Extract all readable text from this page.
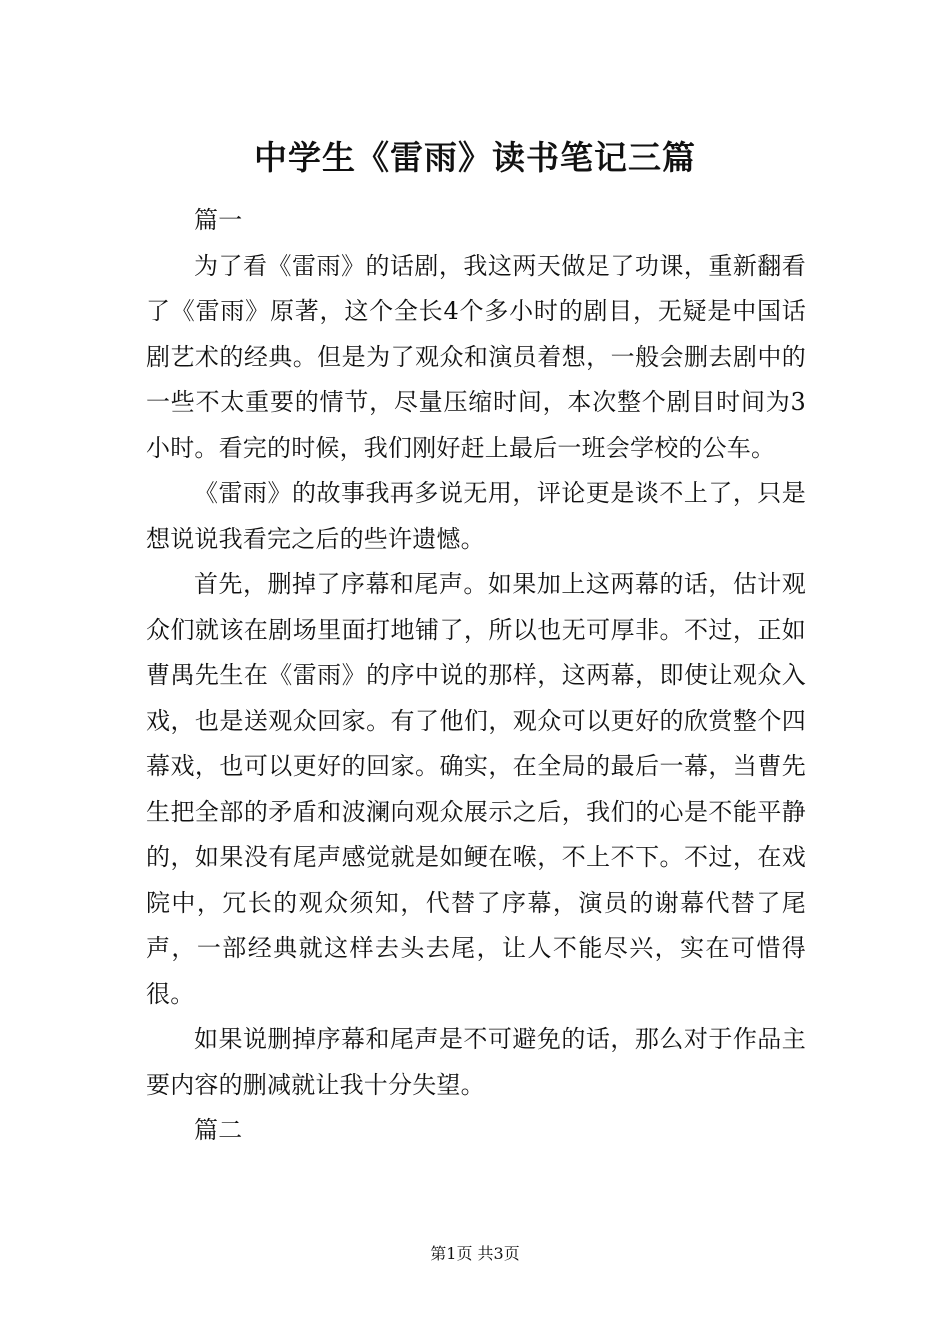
中学生《雷雨》读书笔记三篇

篇一

为了看《雷雨》的话剧，我这两天做足了功课，重新翻看了《雷雨》原著，这个全长4个多小时的剧目，无疑是中国话剧艺术的经典。但是为了观众和演员着想，一般会删去剧中的一些不太重要的情节，尽量压缩时间，本次整个剧目时间为3小时。看完的时候，我们刚好赶上最后一班会学校的公车。

《雷雨》的故事我再多说无用，评论更是谈不上了，只是想说说我看完之后的些许遗憾。

首先，删掉了序幕和尾声。如果加上这两幕的话，估计观众们就该在剧场里面打地铺了，所以也无可厚非。不过，正如曹禺先生在《雷雨》的序中说的那样，这两幕，即使让观众入戏，也是送观众回家。有了他们，观众可以更好的欣赏整个四幕戏，也可以更好的回家。确实，在全局的最后一幕，当曹先生把全部的矛盾和波澜向观众展示之后，我们的心是不能平静的，如果没有尾声感觉就是如鲠在喉，不上不下。不过，在戏院中，冗长的观众须知，代替了序幕，演员的谢幕代替了尾声，一部经典就这样去头去尾，让人不能尽兴，实在可惜得很。

如果说删掉序幕和尾声是不可避免的话，那么对于作品主要内容的删减就让我十分失望。

篇二

第1页 共3页
